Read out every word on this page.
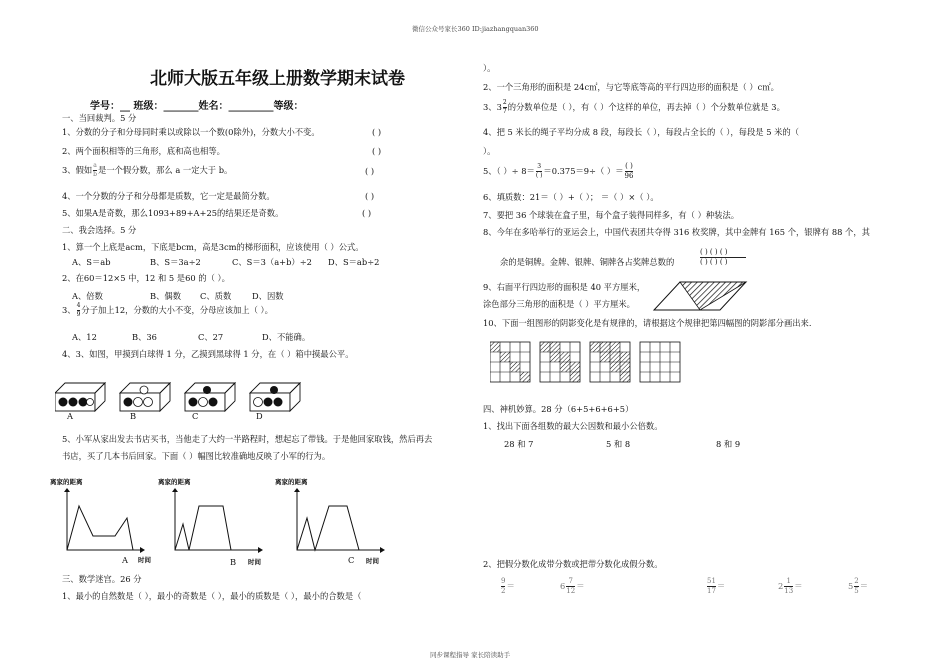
微信公众号家长360 ID:jiazhangquan360
同步课程指导 家长陪读助手
北师大版五年级上册数学期末试卷
学号：__ 班级：_______姓名：_________等级：
一、当回裁判。5 分
1、分数的分子和分母同时乘以或除以一个数(0除外)，分数大小不变。	( )
2、两个面积相等的三角形，底和高也相等。	( )
3、假如 $\frac{a}{b}$ 是一个假分数，那么 a 一定大于 b。	( )
4、一个分数的分子和分母都是质数，它一定是最简分数。	( )
5、如果A是奇数，那么1093+89+A+25的结果还是奇数。	( )
二、我会选择。5 分
1、算一个上底是acm，下底是bcm，高是3cm的梯形面积，应该使用（ ）公式。
A、S＝ab	B、S＝3a÷2	C、S＝3（a+b）÷2 D、S＝ab÷2
2、在60＝12×5 中，12 和 5 是60 的（ ）。
A、倍数	B、偶数 C、质数	D、因数
3、 $\frac{4}{9}$ 分子加上12，分数的大小不变，分母应该加上（ ）。
A、12	B、36	C、27	D、不能确。
4、3、如图，甲摸到白球得 1 分，乙摸到黑球得 1 分，在（ ）箱中摸最公平。
A	B	C	D
5、小军从家出发去书店买书，当他走了大约一半路程时，想起忘了带钱。于是他回家取钱，然后再去
书店，买了几本书后回家。下面（ ）幅图比较准确地反映了小军的行为。
离家的距离	离家的距离	离家的距离
A 时间	B 时间	C 时间
三、数学迷宫。26 分
1、最小的自然数是（ ），最小的奇数是（ ），最小的质数是（ ），最小的合数是（
）。
2、一个三角形的面积是 24c㎡，与它等底等高的平行四边形的面积是（ ）c㎡。
3、$3 \frac{2}{7}$ 的分数单位是（ ），有（ ）个这样的单位，再去掉（ ）个分数单位就是 3。
4、把 5 米长的绳子平均分成 8 段，每段长（ ），每段占全长的（ ），每段是 5 米的（
）。
5、（ ）÷ $8= \frac{3}{( )} =0.375=9\div$（ ）＝ $\frac{( )}{96}$
6、填质数：21＝（ ）+（ ）； ＝（ ）×（ ）。
7、要把 36 个球装在盒子里，每个盒子装得同样多，有（ ）种装法。
8、今年在多哈举行的亚运会上，中国代表团共夺得 316 枚奖牌，其中金牌有 165 个，银牌有 88 个，其
余的是铜牌。金牌、银牌、铜牌各占奖牌总数的
( ) ( ) ( )
( ) ( ) ( )
9、右面平行四边形的面积是 40 平方厘米，
涂色部分三角形的面积是（ ）平方厘米。
10、下面一组图形的阴影变化是有规律的，请根据这个规律把第四幅图的阴影部分画出来.
四、神机妙算。28 分（6+5+6+6+5）
1、找出下面各组数的最大公因数和最小公倍数。
28 和 7	5 和 8	8 和 9
2、把假分数化成带分数或把带分数化成假分数。
$\frac{9}{2}$ ＝	$6 \frac{7}{12}$ ＝	$\frac{51}{17}$ ＝	$2 \frac{1}{13}$ ＝	$5 \frac{2}{5}$ ＝
